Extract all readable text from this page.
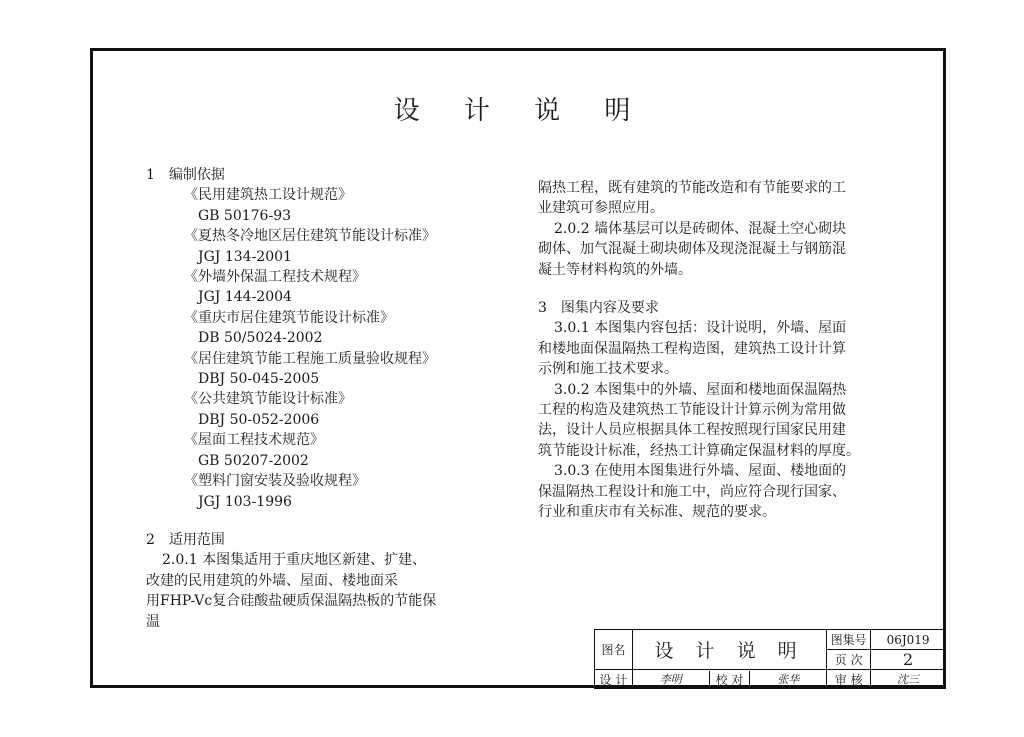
设 计 说 明
1　编制依据
《民用建筑热工设计规范》
GB 50176-93
《夏热冬冷地区居住建筑节能设计标准》
JGJ 134-2001
《外墙外保温工程技术规程》
JGJ 144-2004
《重庆市居住建筑节能设计标准》
DB 50/5024-2002
《居住建筑节能工程施工质量验收规程》
DBJ 50-045-2005
《公共建筑节能设计标准》
DBJ 50-052-2006
《屋面工程技术规范》
GB 50207-2002
《塑料门窗安装及验收规程》
JGJ 103-1996
2　适用范围
2.0.1 本图集适用于重庆地区新建、扩建、
改建的民用建筑的外墙、屋面、楼地面采
用FHP-Vc复合硅酸盐硬质保温隔热板的节能保
温
隔热工程，既有建筑的节能改造和有节能要求的工
业建筑可参照应用。
2.0.2 墙体基层可以是砖砌体、混凝土空心砌块
砌体、加气混凝土砌块砌体及现浇混凝土与钢筋混
凝土等材料构筑的外墙。
3　图集内容及要求
3.0.1 本图集内容包括：设计说明，外墙、屋面
和楼地面保温隔热工程构造图，建筑热工设计计算
示例和施工技术要求。
3.0.2 本图集中的外墙、屋面和楼地面保温隔热
工程的构造及建筑热工节能设计计算示例为常用做
法，设计人员应根据具体工程按照现行国家民用建
筑节能设计标准，经热工计算确定保温材料的厚度。
3.0.3 在使用本图集进行外墙、屋面、楼地面的
保温隔热工程设计和施工中，尚应符合现行国家、
行业和重庆市有关标准、规范的要求。
图名	设 计 说 明	图集号	06J019
		页 次	2
设 计	李明 校 对 张华	审 核	沈三
